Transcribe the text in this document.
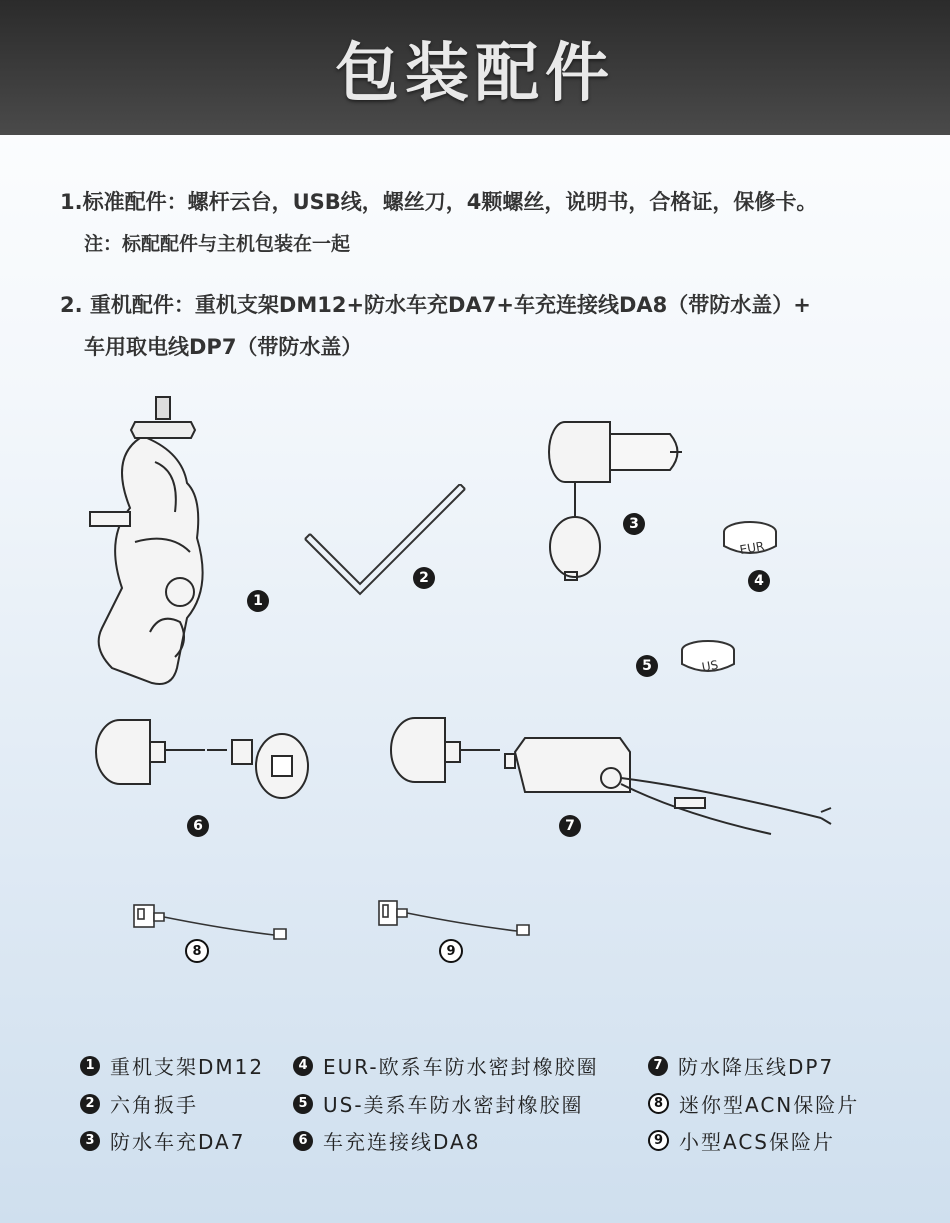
包装配件
1.标准配件：螺杆云台，USB线，螺丝刀，4颗螺丝，说明书，合格证，保修卡。
注：标配配件与主机包装在一起
2. 重机配件：重机支架DM12+防水车充DA7+车充连接线DA8（带防水盖）+
车用取电线DP7（带防水盖）
1
2
3
EUR
4
US
5
6	7
8	9
1 重机支架DM12
2 六角扳手
3 防水车充DA7
4 EUR-欧系车防水密封橡胶圈
5 US-美系车防水密封橡胶圈
6 车充连接线DA8
7 防水降压线DP7
8 迷你型ACN保险片
9 小型ACS保险片
